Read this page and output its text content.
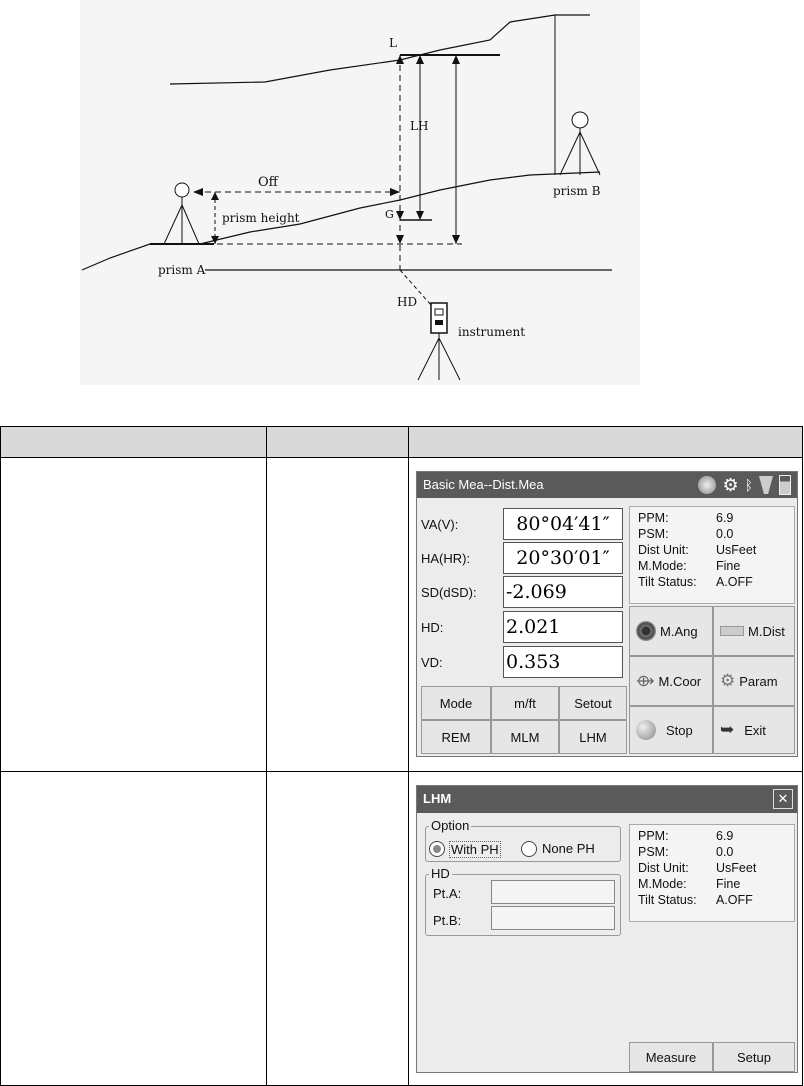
L
LH
Off
G
prism height
prism A
prism B
HD
instrument
Basic Mea--Dist.Mea	⚙ ᛒ
VA(V):	80°04′41″
HA(HR):	20°30′01″
SD(dSD): -2.069
HD:	2.021
VD:	0.353
PPM:	6.9
PSM:	0.0
Dist Unit: UsFeet
M.Mode: Fine
Tilt Status: A.OFF
Mode	m/ft	Setout
REM	MLM	LHM
M.Ang	M.Dist
⟴ M.Coor ⚙ Param
Stop ➥ Exit
LHM	✕
Option
With PH	None PH
HD
Pt.A:
Pt.B:
PPM:	6.9
PSM:	0.0
Dist Unit: UsFeet
M.Mode: Fine
Tilt Status: A.OFF
Measure	Setup
